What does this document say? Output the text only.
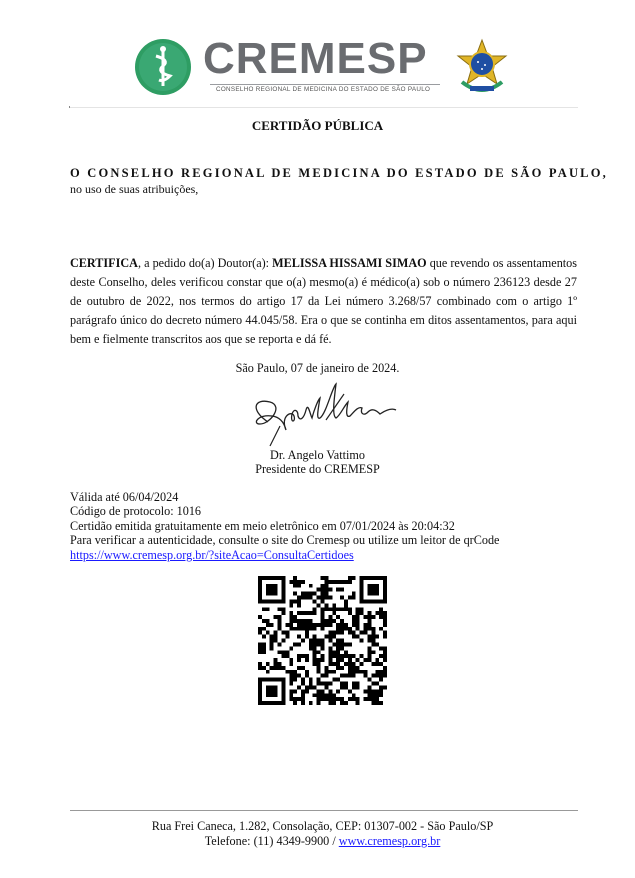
CREMESP
CONSELHO REGIONAL DE MEDICINA DO ESTADO DE SÃO PAULO
CERTIDÃO PÚBLICA
O CONSELHO REGIONAL DE MEDICINA DO ESTADO DE SÃO PAULO,
no uso de suas atribuições,
CERTIFICA, a pedido do(a) Doutor(a): MELISSA HISSAMI SIMAO que revendo os assentamentos deste Conselho, deles verificou constar que o(a) mesmo(a) é médico(a) sob o número 236123 desde 27 de outubro de 2022, nos termos do artigo 17 da Lei número 3.268/57 combinado com o artigo 1º parágrafo único do decreto número 44.045/58. Era o que se continha em ditos assentamentos, para aqui bem e fielmente transcritos aos que se reporta e dá fé.
São Paulo, 07 de janeiro de 2024.
Dr. Angelo Vattimo
Presidente do CREMESP
Válida até 06/04/2024
Código de protocolo: 1016
Certidão emitida gratuitamente em meio eletrônico em 07/01/2024 às 20:04:32
Para verificar a autenticidade, consulte o site do Cremesp ou utilize um leitor de qrCode
https://www.cremesp.org.br/?siteAcao=ConsultaCertidoes
Rua Frei Caneca, 1.282, Consolação, CEP: 01307-002 - São Paulo/SP
Telefone: (11) 4349-9900 / www.cremesp.org.br
